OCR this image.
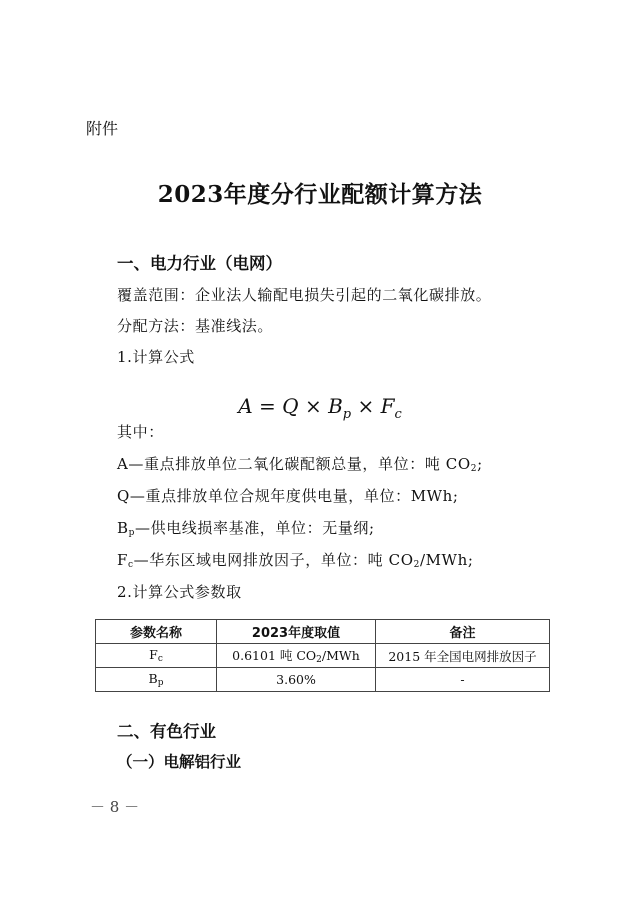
附件
2023年度分行业配额计算方法
一、电力行业（电网）
覆盖范围：企业法人输配电损失引起的二氧化碳排放。
分配方法：基准线法。
1.计算公式
$A = Q \times B_p \times F_c$
其中：
A—重点排放单位二氧化碳配额总量，单位：吨 $CO_2$;
Q—重点排放单位合规年度供电量，单位：MWh;
$B_p—$供电线损率基准，单位：无量纲;
$F_c—$华东区域电网排放因子，单位：吨 $CO_2$/MWh;
2.计算公式参数取
参数名称	2023年度取值	备注
$F_c$	0.6101 吨 $CO_2$/MWh	2015 年全国电网排放因子
$B_p$	3.60%	-
二、有色行业
（一）电解铝行业
－ 8 －
